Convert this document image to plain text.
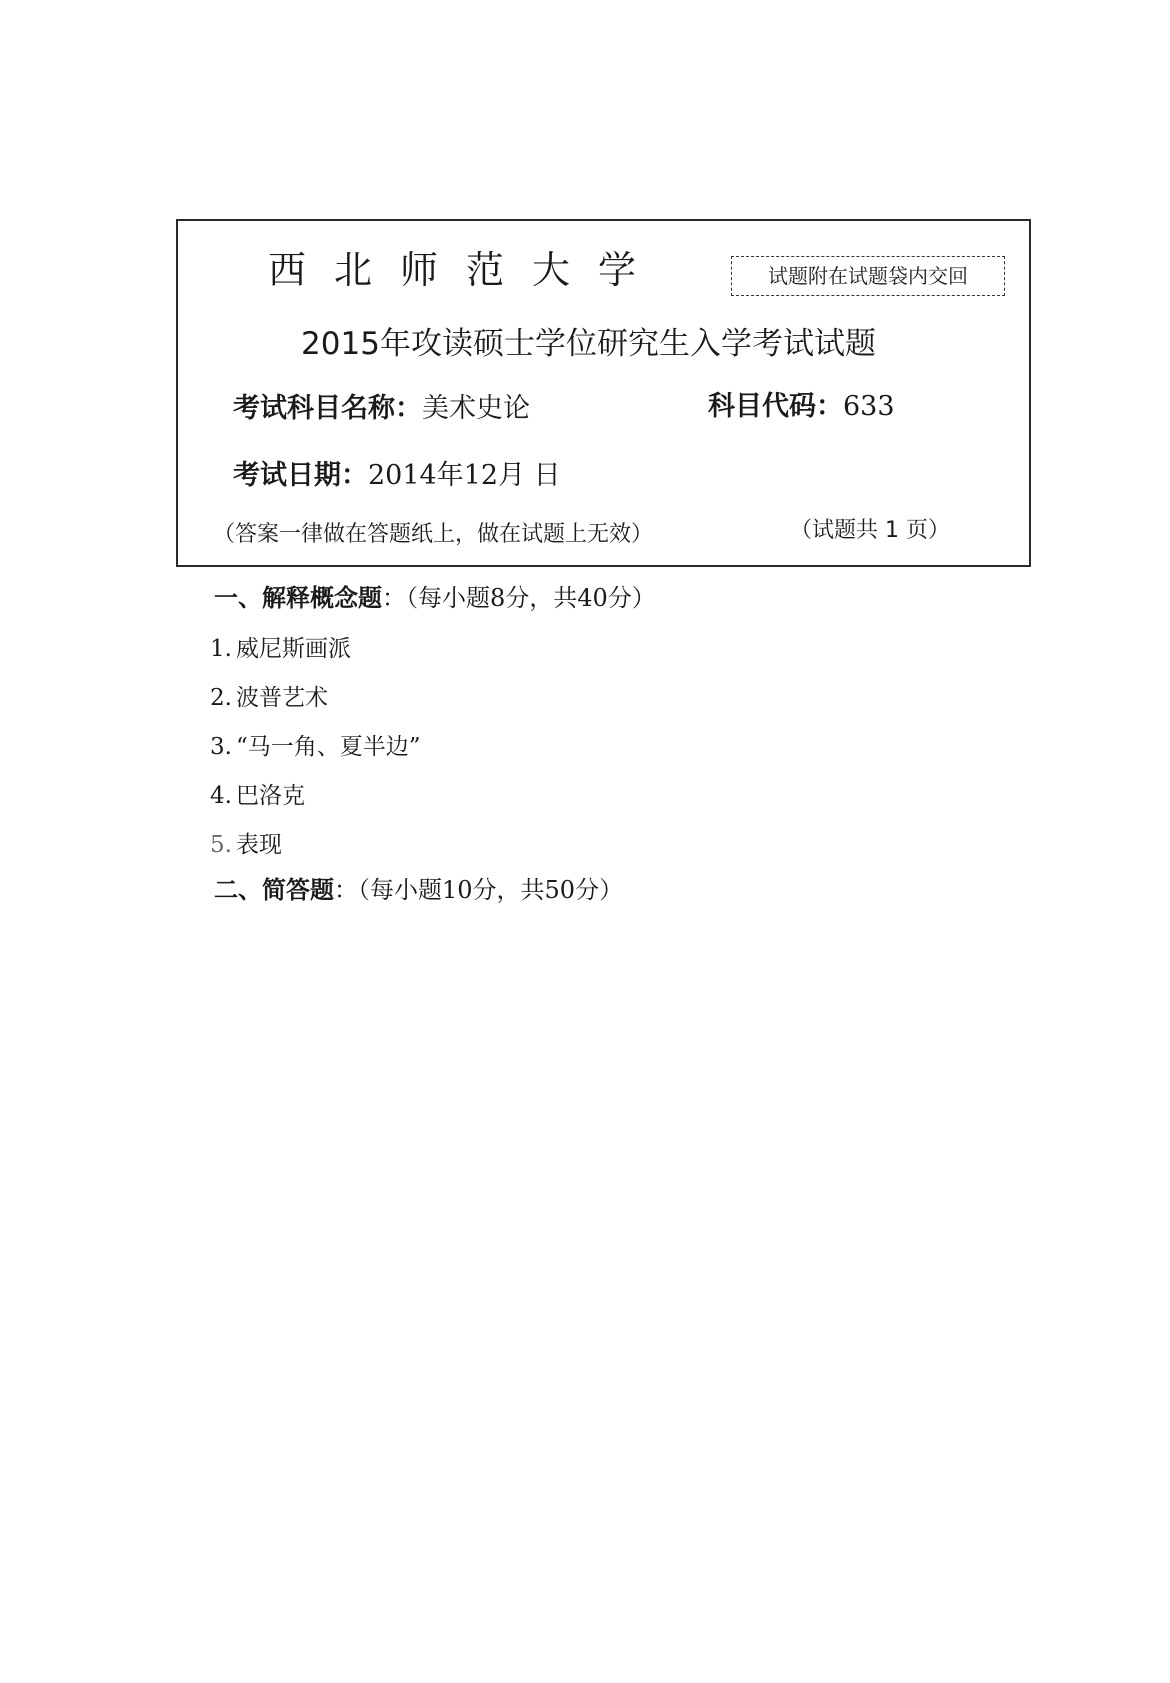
西北师范大学	试题附在试题袋内交回
2015年攻读硕士学位研究生入学考试试题
考试科目名称：美术史论	科目代码：633
考试日期：2014年12月 日
（答案一律做在答题纸上，做在试题上无效）	（试题共 1 页）
一、解释概念题：（每小题8分，共40分）
1. 威尼斯画派
2. 波普艺术
3. “马一角、夏半边”
4. 巴洛克
5. 表现
二、简答题：（每小题10分，共50分）
